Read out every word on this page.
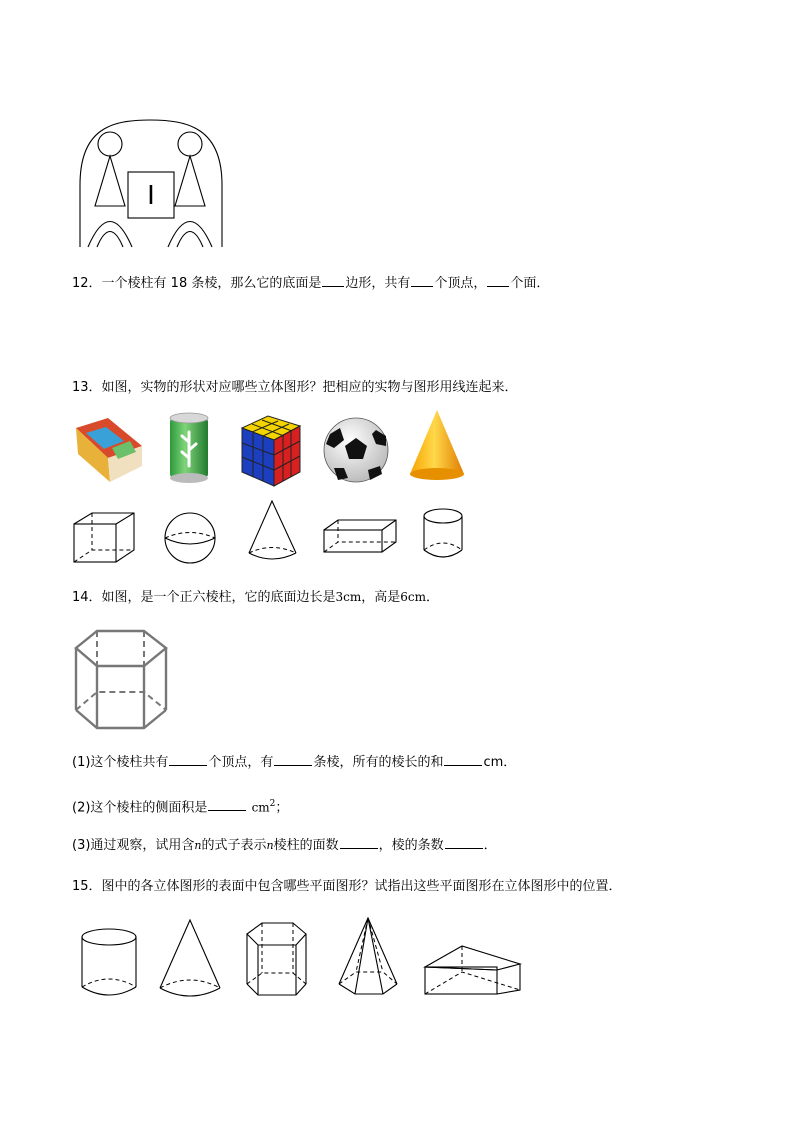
I
12．一个棱柱有 18 条棱，那么它的底面是 边形，共有 个顶点， 个面．
13．如图，实物的形状对应哪些立体图形？把相应的实物与图形用线连起来．
14．如图，是一个正六棱柱，它的底面边长是3cm，高是6cm．
(1)这个棱柱共有	个顶点，有	条棱，所有的棱长的和	cm．
(2)这个棱柱的侧面积是	$cm^2$；
(3)通过观察，试用含n的式子表示n棱柱的面数	，棱的条数	．
15．图中的各立体图形的表面中包含哪些平面图形？试指出这些平面图形在立体图形中的位置．
